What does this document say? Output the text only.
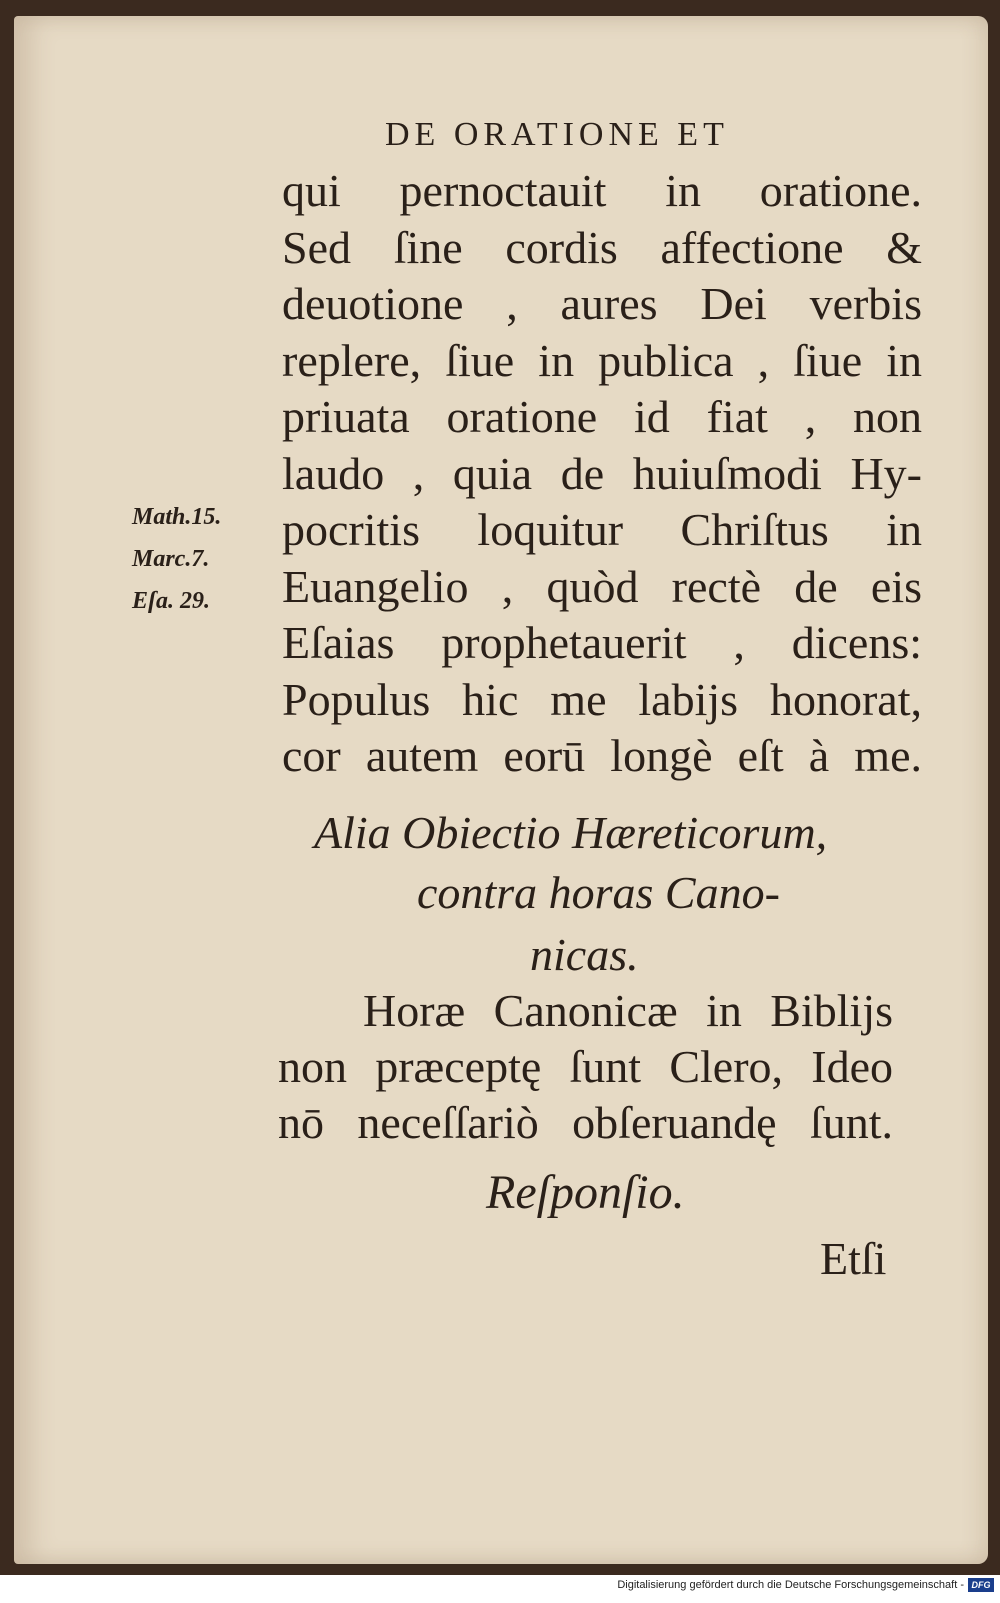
DE ORATIONE ET
Math.15.
Marc.7.
Eſa. 29.
qui pernoctauit in oratione.
Sed ſine cordis affectione &
deuotione , aures Dei verbis
replere, ſiue in publica , ſiue in
priuata oratione id fiat , non
laudo , quia de huiuſmodi Hy-
pocritis loquitur Chriſtus in
Euangelio , quòd rectè de eis
Eſaias prophetauerit , dicens:
Populus hic me labijs honorat,
cor autem eorū longè eſt à me.
Alia Obiectio Hæreticorum,
contra horas Cano-
nicas.
Horæ Canonicæ in Biblijs
non præceptę ſunt Clero, Ideo
nō neceſſariò obſeruandę ſunt.
Reſponſio.
Etſi
Digitalisierung gefördert durch die Deutsche Forschungsgemeinschaft - DFG
